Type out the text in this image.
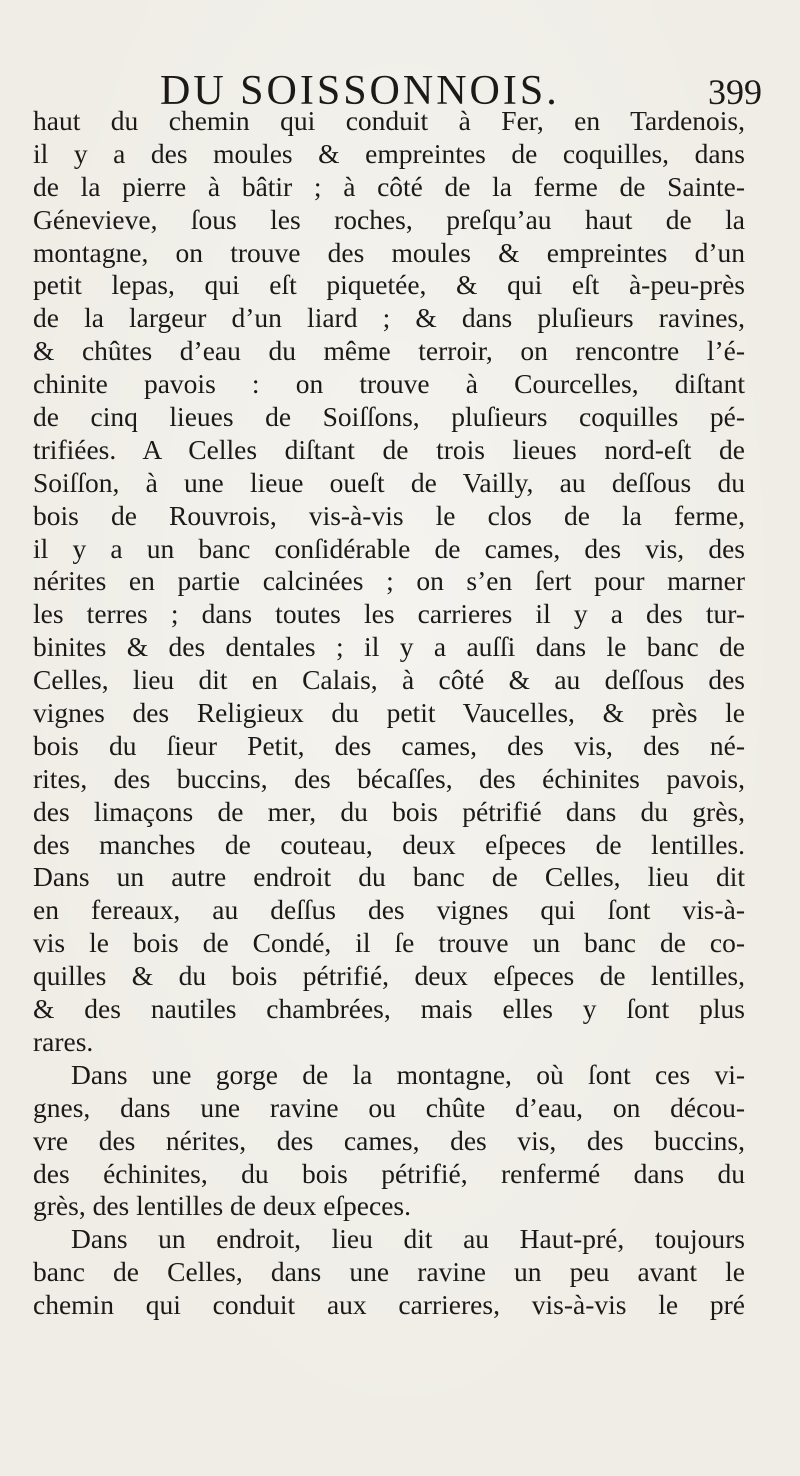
DU SOISSONNOIS.	399
haut du chemin qui conduit à Fer, en Tardenois,
il y a des moules & empreintes de coquilles, dans
de la pierre à bâtir ; à côté de la ferme de Sainte-
Génevieve, ſous les roches, preſqu’au haut de la
montagne, on trouve des moules & empreintes d’un
petit lepas, qui eſt piquetée, & qui eſt à-peu-près
de la largeur d’un liard ; & dans pluſieurs ravines,
& chûtes d’eau du même terroir, on rencontre l’é-
chinite pavois : on trouve à Courcelles, diſtant
de cinq lieues de Soiſſons, pluſieurs coquilles pé-
trifiées. A Celles diſtant de trois lieues nord-eſt de
Soiſſon, à une lieue oueſt de Vailly, au deſſous du
bois de Rouvrois, vis-à-vis le clos de la ferme,
il y a un banc conſidérable de cames, des vis, des
nérites en partie calcinées ; on s’en ſert pour marner
les terres ; dans toutes les carrieres il y a des tur-
binites & des dentales ; il y a auſſi dans le banc de
Celles, lieu dit en Calais, à côté & au deſſous des
vignes des Religieux du petit Vaucelles, & près le
bois du ſieur Petit, des cames, des vis, des né-
rites, des buccins, des bécaſſes, des échinites pavois,
des limaçons de mer, du bois pétrifié dans du grès,
des manches de couteau, deux eſpeces de lentilles.
Dans un autre endroit du banc de Celles, lieu dit
en fereaux, au deſſus des vignes qui ſont vis-à-
vis le bois de Condé, il ſe trouve un banc de co-
quilles & du bois pétrifié, deux eſpeces de lentilles,
& des nautiles chambrées, mais elles y ſont plus
rares.
Dans une gorge de la montagne, où ſont ces vi-
gnes, dans une ravine ou chûte d’eau, on décou-
vre des nérites, des cames, des vis, des buccins,
des échinites, du bois pétrifié, renfermé dans du
grès, des lentilles de deux eſpeces.
Dans un endroit, lieu dit au Haut-pré, toujours
banc de Celles, dans une ravine un peu avant le
chemin qui conduit aux carrieres, vis-à-vis le pré
